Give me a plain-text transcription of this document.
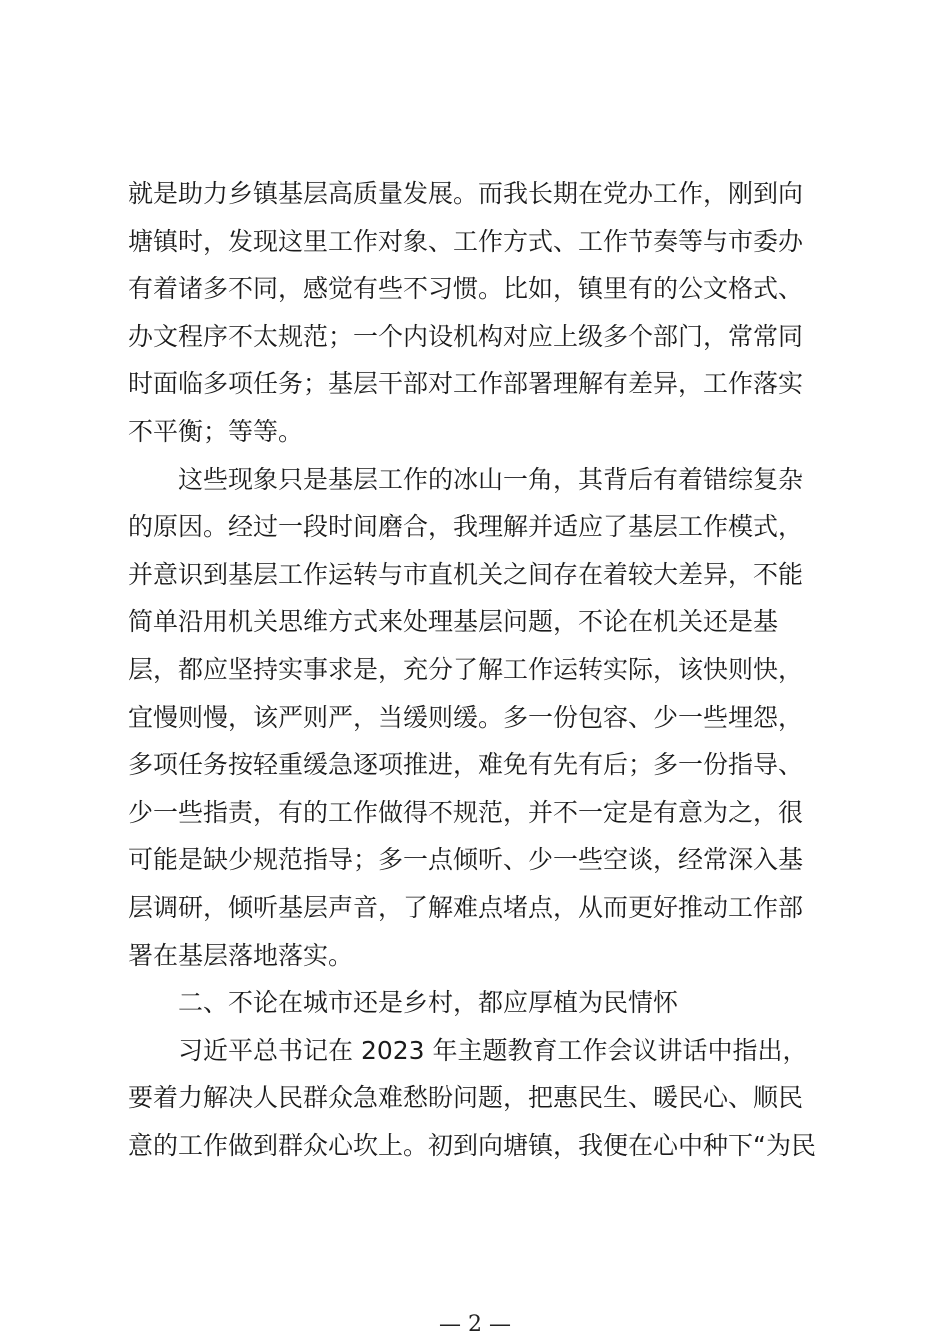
就是助力乡镇基层高质量发展。而我长期在党办工作，刚到向
塘镇时，发现这里工作对象、工作方式、工作节奏等与市委办
有着诸多不同，感觉有些不习惯。比如，镇里有的公文格式、
办文程序不太规范；一个内设机构对应上级多个部门，常常同
时面临多项任务；基层干部对工作部署理解有差异，工作落实
不平衡；等等。
　　这些现象只是基层工作的冰山一角，其背后有着错综复杂
的原因。经过一段时间磨合，我理解并适应了基层工作模式，
并意识到基层工作运转与市直机关之间存在着较大差异，不能
简单沿用机关思维方式来处理基层问题，不论在机关还是基
层，都应坚持实事求是，充分了解工作运转实际，该快则快，
宜慢则慢，该严则严，当缓则缓。多一份包容、少一些埋怨，
多项任务按轻重缓急逐项推进，难免有先有后；多一份指导、
少一些指责，有的工作做得不规范，并不一定是有意为之，很
可能是缺少规范指导；多一点倾听、少一些空谈，经常深入基
层调研，倾听基层声音，了解难点堵点，从而更好推动工作部
署在基层落地落实。
　　二、不论在城市还是乡村，都应厚植为民情怀
　　习近平总书记在 2023 年主题教育工作会议讲话中指出，
要着力解决人民群众急难愁盼问题，把惠民生、暖民心、顺民
意的工作做到群众心坎上。初到向塘镇，我便在心中种下“为民
— 2 —
